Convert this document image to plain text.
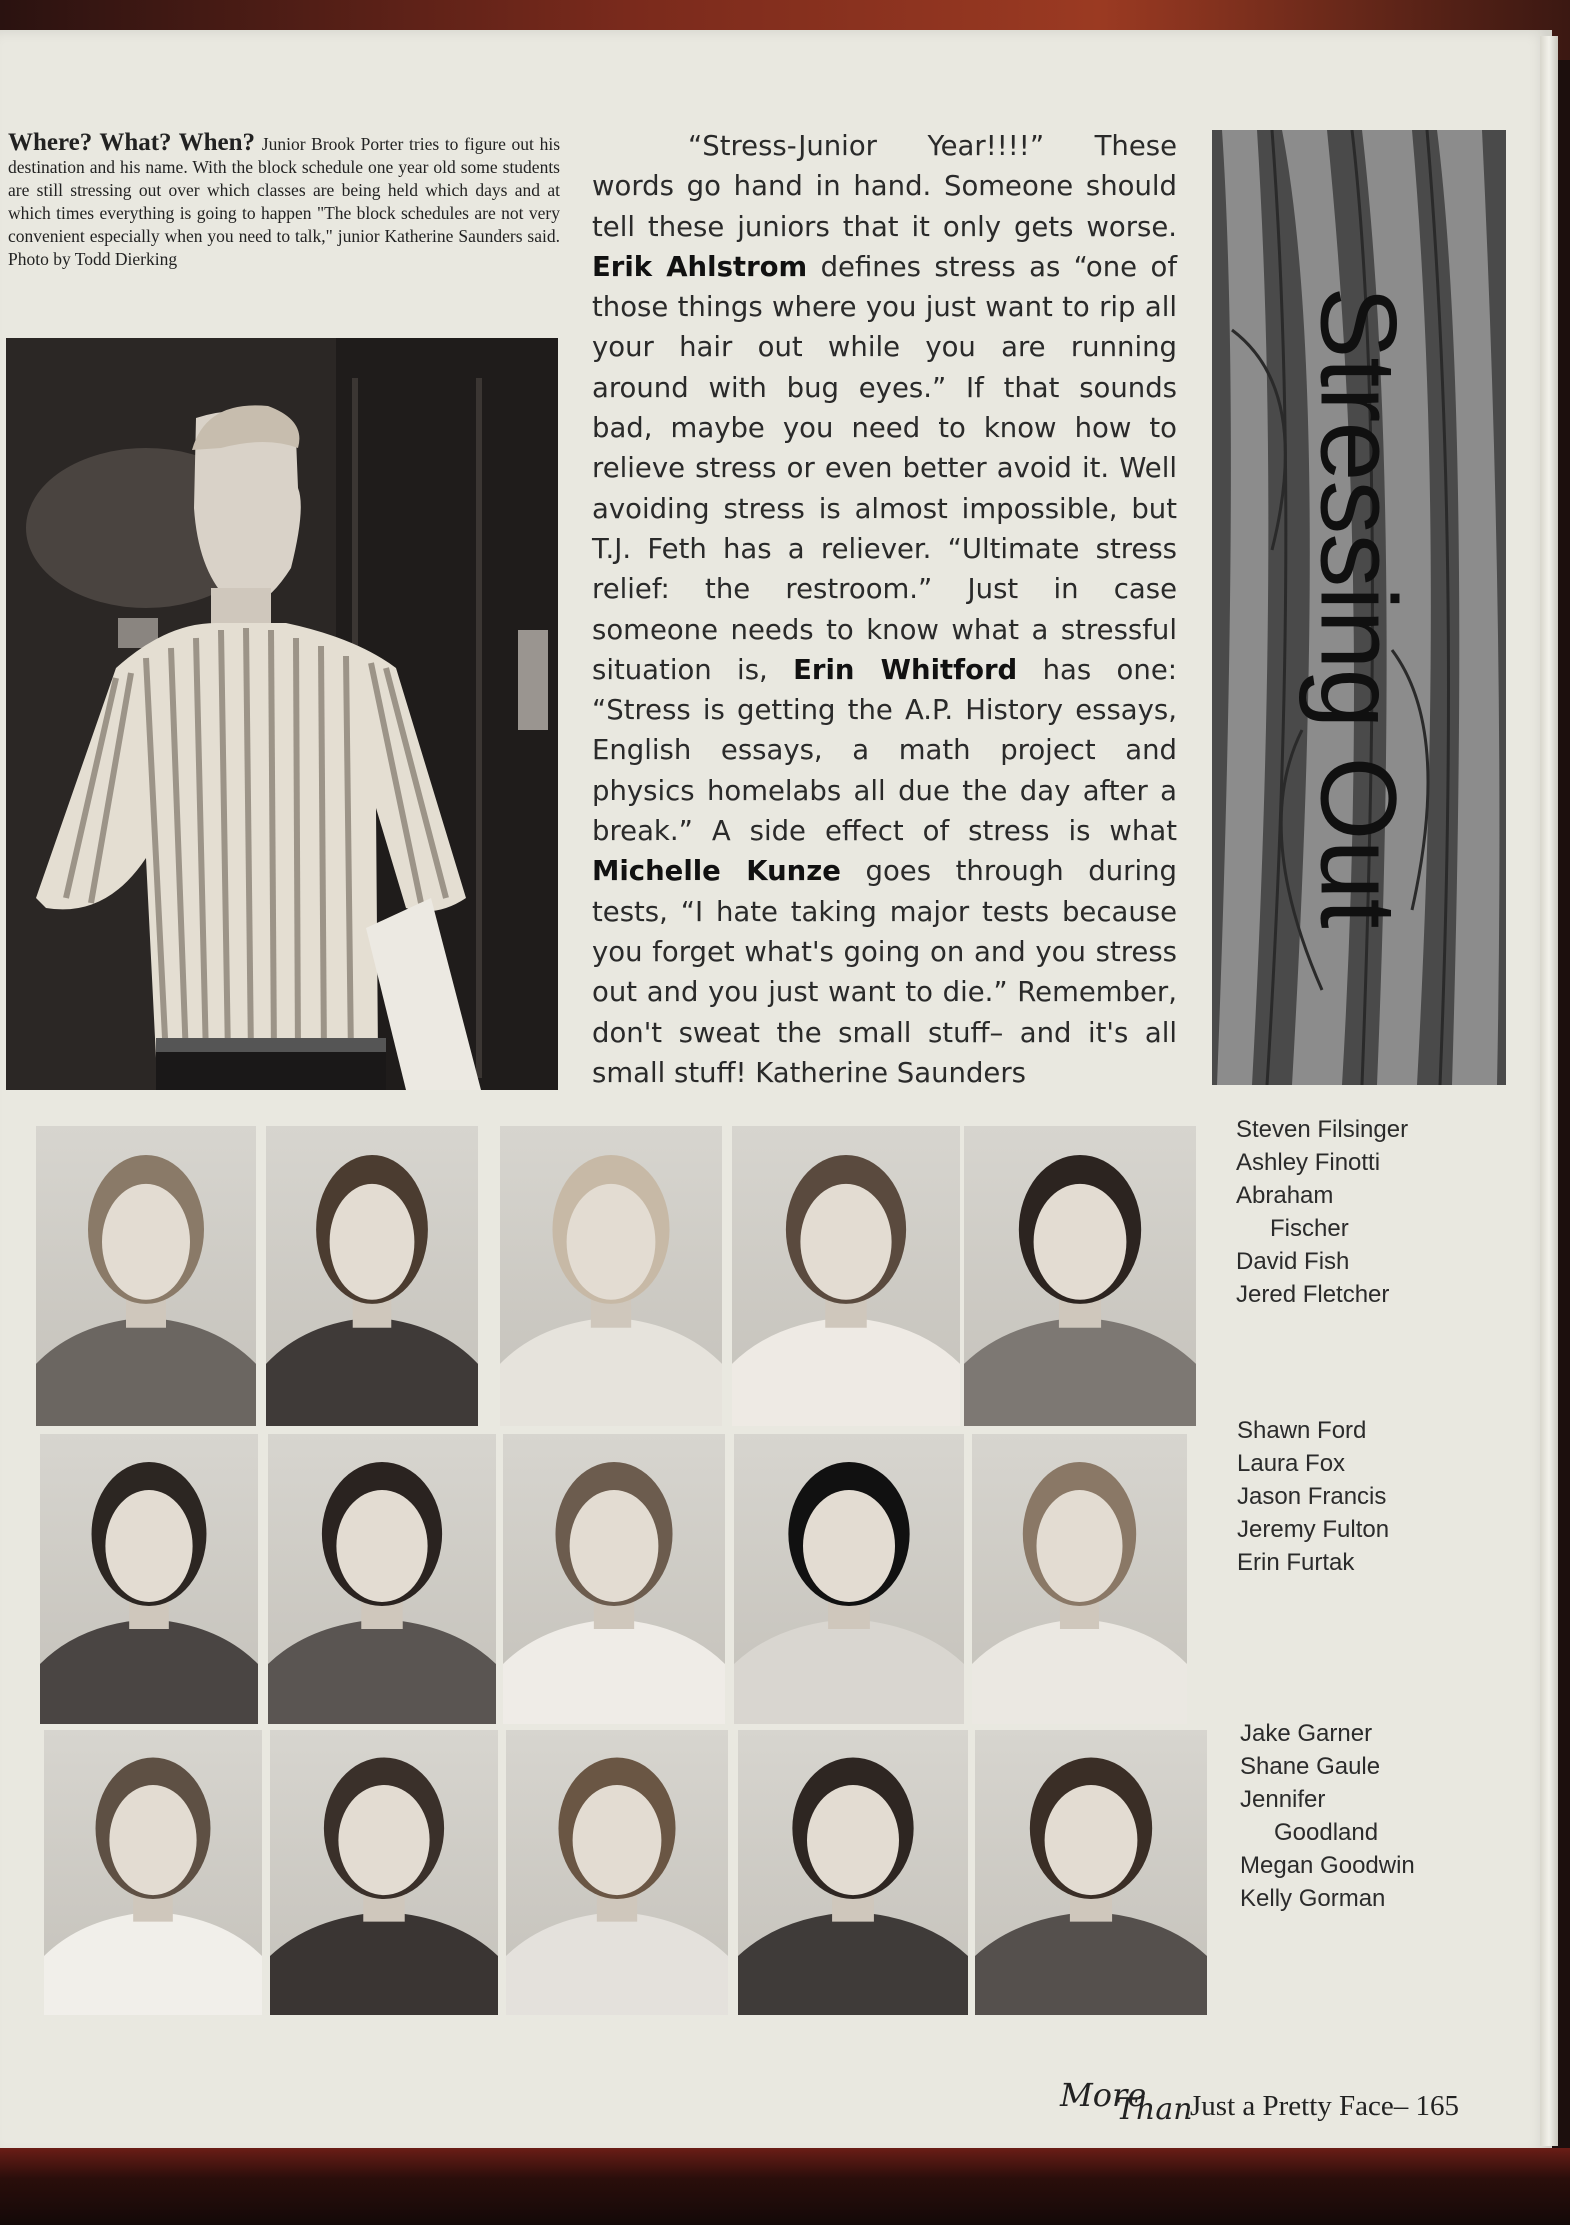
Where? What? When? Junior Brook Porter tries to figure out his destination and his name. With the block schedule one year old some students are still stressing out over which classes are being held which days and at which times everything is going to happen "The block schedules are not very convenient especially when you need to talk," junior Katherine Saunders said. Photo by Todd Dierking

“Stress-Junior Year!!!!” These words go hand in hand. Someone should tell these juniors that it only gets worse. Erik Ahlstrom defines stress as “one of those things where you just want to rip all your hair out while you are running around with bug eyes.” If that sounds bad, maybe you need to know how to relieve stress or even better avoid it. Well avoiding stress is almost impossible, but T.J. Feth has a reliever. “Ultimate stress relief: the restroom.” Just in case someone needs to know what a stressful situation is, Erin Whitford has one: “Stress is getting the A.P. History essays, English essays, a math project and physics homelabs all due the day after a break.” A side effect of stress is what Michelle Kunze goes through during tests, “I hate taking major tests because you forget what's going on and you stress out and you just want to die.” Remember, don't sweat the small stuff– and it's all small stuff! Katherine Saunders

Stressing Out
Steven Filsinger
Ashley Finotti
Abraham
Fischer
David Fish
Jered Fletcher
Shawn Ford
Laura Fox
Jason Francis
Jeremy Fulton
Erin Furtak
Jake Garner
Shane Gaule
Jennifer
Goodland
Megan Goodwin
Kelly Gorman
More
Than
Just a Pretty Face– 165
